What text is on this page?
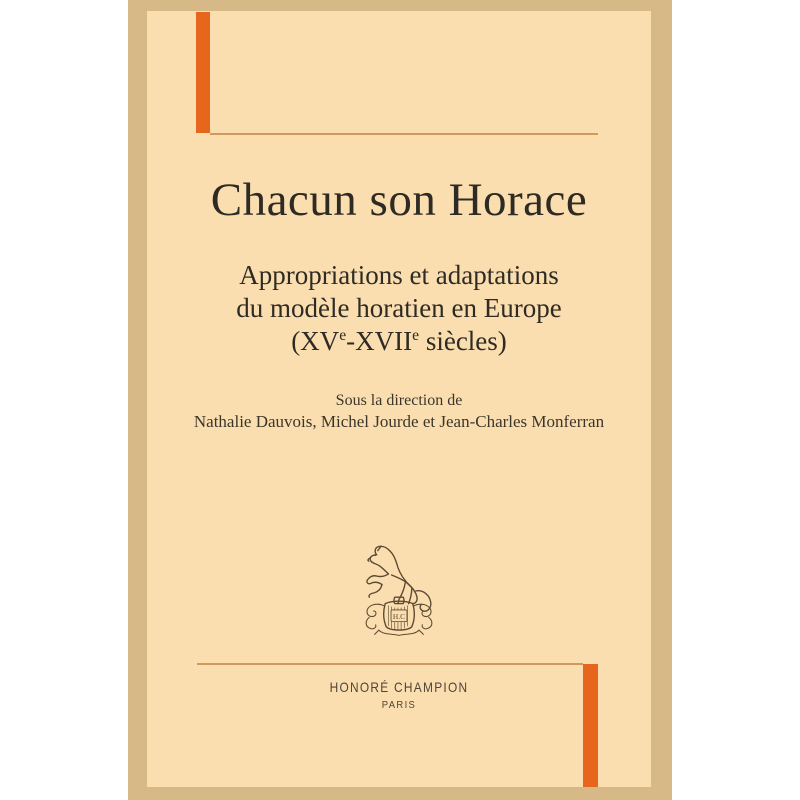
Chacun son Horace
Appropriations et adaptations
du modèle horatien en Europe
(XVe-XVIIe siècles)
Sous la direction de
Nathalie Dauvois, Michel Jourde et Jean-Charles Monferran
H.C
HONORÉ CHAMPION
PARIS
